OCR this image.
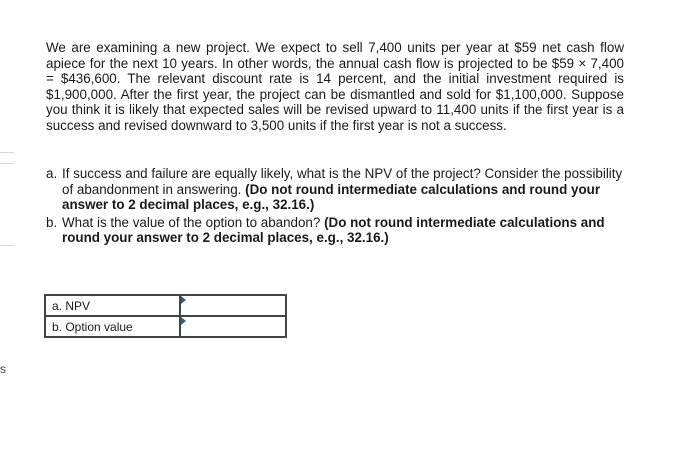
s
We are examining a new project. We expect to sell 7,400 units per year at $59 net cash flow apiece for the next 10 years. In other words, the annual cash flow is projected to be $59 × 7,400 = $436,600. The relevant discount rate is 14 percent, and the initial investment required is $1,900,000. After the first year, the project can be dismantled and sold for $1,100,000. Suppose you think it is likely that expected sales will be revised upward to 11,400 units if the first year is a success and revised downward to 3,500 units if the first year is not a success.
a. If success and failure are equally likely, what is the NPV of the project? Consider the possibility of abandonment in answering. (Do not round intermediate calculations and round your answer to 2 decimal places, e.g., 32.16.)
b. What is the value of the option to abandon? (Do not round intermediate calculations and round your answer to 2 decimal places, e.g., 32.16.)
a. NPV	

b. Option value	
